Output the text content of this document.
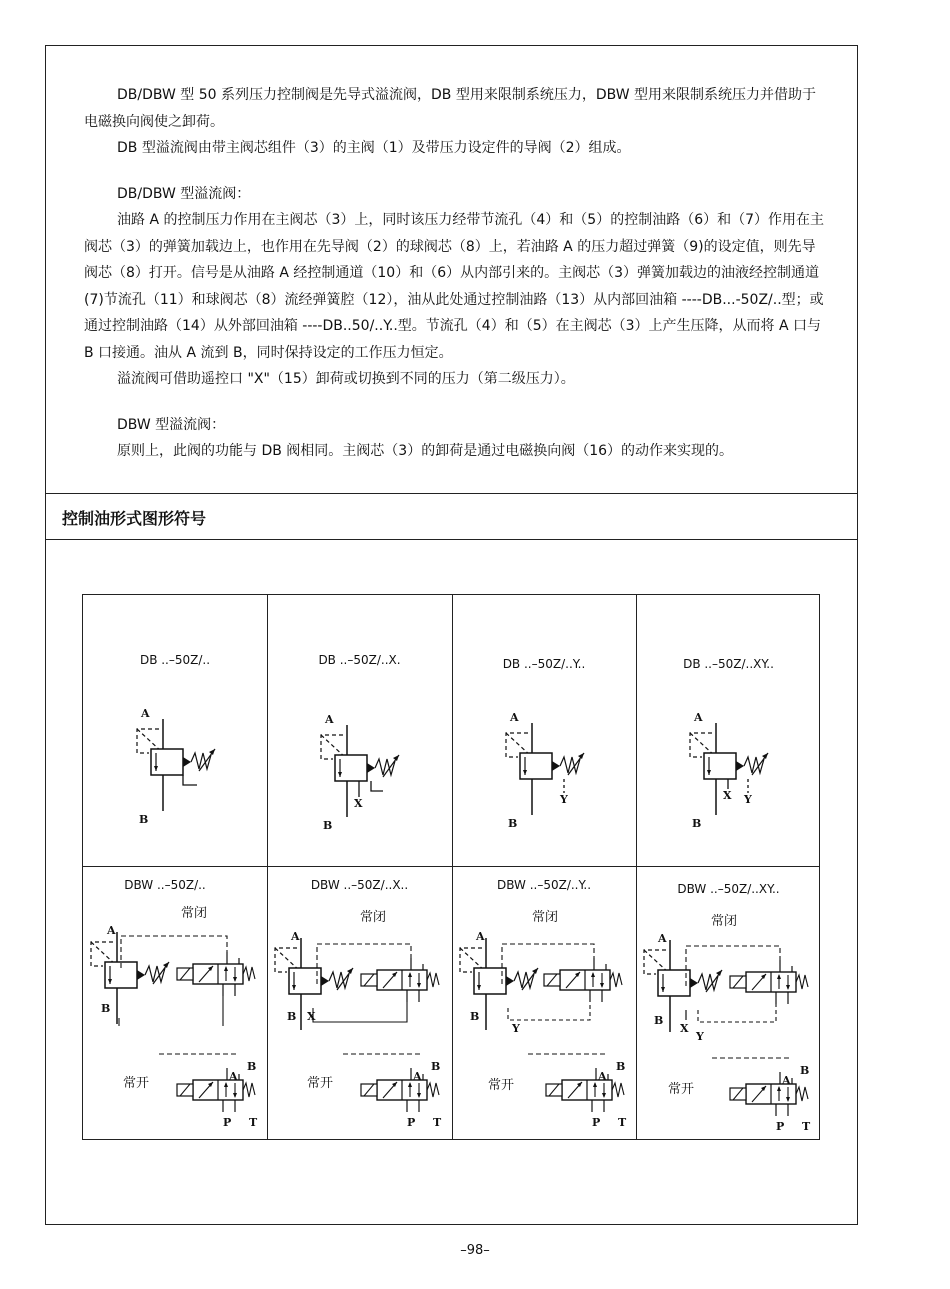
DB/DBW 型 50 系列压力控制阀是先导式溢流阀，DB 型用来限制系统压力，DBW 型用来限制系统压力并借助于电磁换向阀使之卸荷。

DB 型溢流阀由带主阀芯组件（3）的主阀（1）及带压力设定件的导阀（2）组成。

DB/DBW 型溢流阀：

油路 A 的控制压力作用在主阀芯（3）上，同时该压力经带节流孔（4）和（5）的控制油路（6）和（7）作用在主阀芯（3）的弹簧加载边上，也作用在先导阀（2）的球阀芯（8）上，若油路 A 的压力超过弹簧（9)的设定值，则先导阀芯（8）打开。信号是从油路 A 经控制通道（10）和（6）从内部引来的。主阀芯（3）弹簧加载边的油液经控制通道 (7)节流孔（11）和球阀芯（8）流经弹簧腔（12），油从此处通过控制油路（13）从内部回油箱 ----DB...-50Z/..型；或通过控制油路（14）从外部回油箱 ----DB..50/..Y..型。节流孔（4）和（5）在主阀芯（3）上产生压降，从而将 A 口与 B 口接通。油从 A 流到 B，同时保持设定的工作压力恒定。

溢流阀可借助遥控口 "X"（15）卸荷或切换到不同的压力（第二级压力）。

DBW 型溢流阀：

原则上，此阀的功能与 DB 阀相同。主阀芯（3）的卸荷是通过电磁换向阀（16）的动作来实现的。

控制油形式图形符号
DB ..–50Z/..
A
B
DB ..–50Z/..X.
A
B
X
DB ..–50Z/..Y..
A
B
Y
DB ..–50Z/..XY..
A
B
X Y
DBW ..–50Z/..
常闭
A
B
常开	A
B
P T
DBW ..–50Z/..X..
常闭
A
B X
常开	A
B
P T
DBW ..–50Z/..Y..
常闭
A
B
Y
常开
A
B
P T
DBW ..–50Z/..XY..
常闭
A
B
X
Y
常开
A
B
P T
–98–
